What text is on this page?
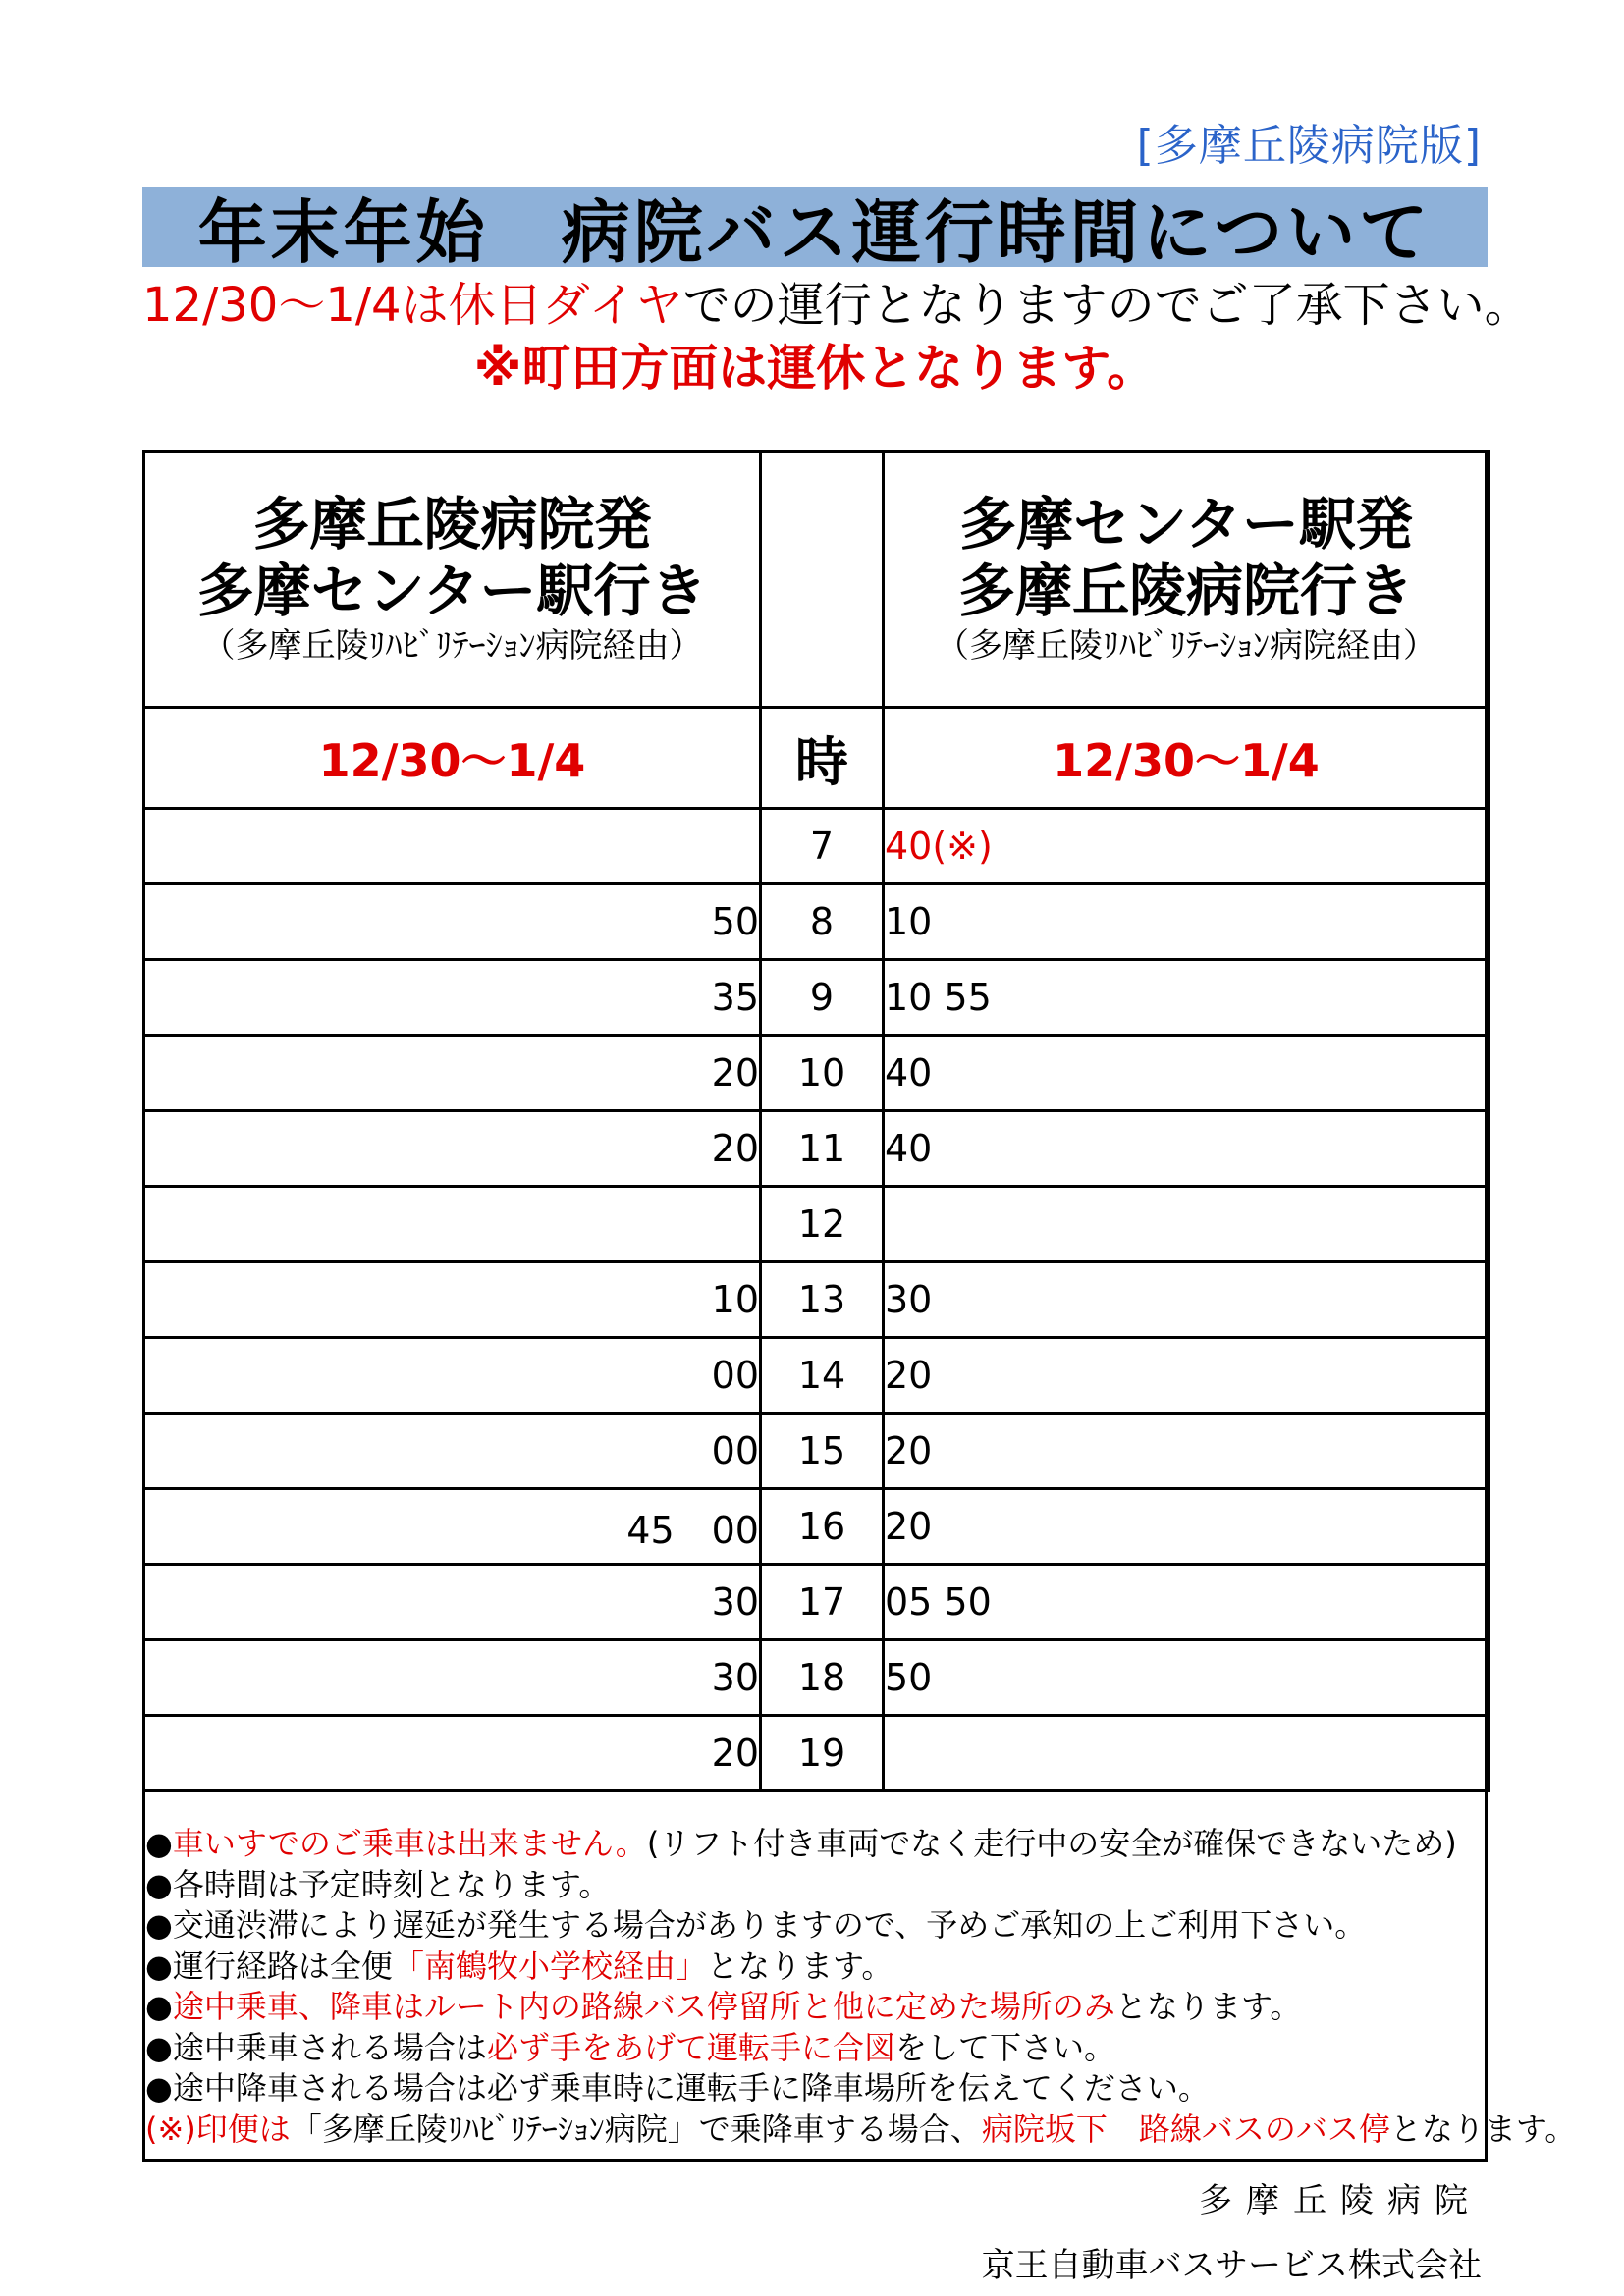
[多摩丘陵病院版]
年末年始　病院バス運行時間について
12/30～1/4は休日ダイヤでの運行となりますのでご了承下さい。
※町田方面は運休となります。
多摩丘陵病院発
多摩センター駅行き
（多摩丘陵ﾘﾊﾋﾞﾘﾃｰｼｮﾝ病院経由）		多摩センター駅発
多摩丘陵病院行き
（多摩丘陵ﾘﾊﾋﾞﾘﾃｰｼｮﾝ病院経由）

12/30～1/4	時	12/30～1/4
	7	40(※)
50	8	10
35	9	10 55
20	10	40
20	11	40
	12	
10	13	30
00	14	20
00	15	20
45　00	16	20
30	17	05 50
30	18	50
20	19	
●車いすでのご乗車は出来ません。(リフト付き車両でなく走行中の安全が確保できないため)
●各時間は予定時刻となります。
●交通渋滞により遅延が発生する場合がありますので、予めご承知の上ご利用下さい。
●運行経路は全便「南鶴牧小学校経由」となります。
●途中乗車、降車はルート内の路線バス停留所と他に定めた場所のみとなります。
●途中乗車される場合は必ず手をあげて運転手に合図をして下さい。
●途中降車される場合は必ず乗車時に運転手に降車場所を伝えてください。
(※)印便は「多摩丘陵ﾘﾊﾋﾞﾘﾃｰｼｮﾝ病院」で乗降車する場合、病院坂下　路線バスのバス停となります。
多摩丘陵病院
京王自動車バスサービス株式会社
